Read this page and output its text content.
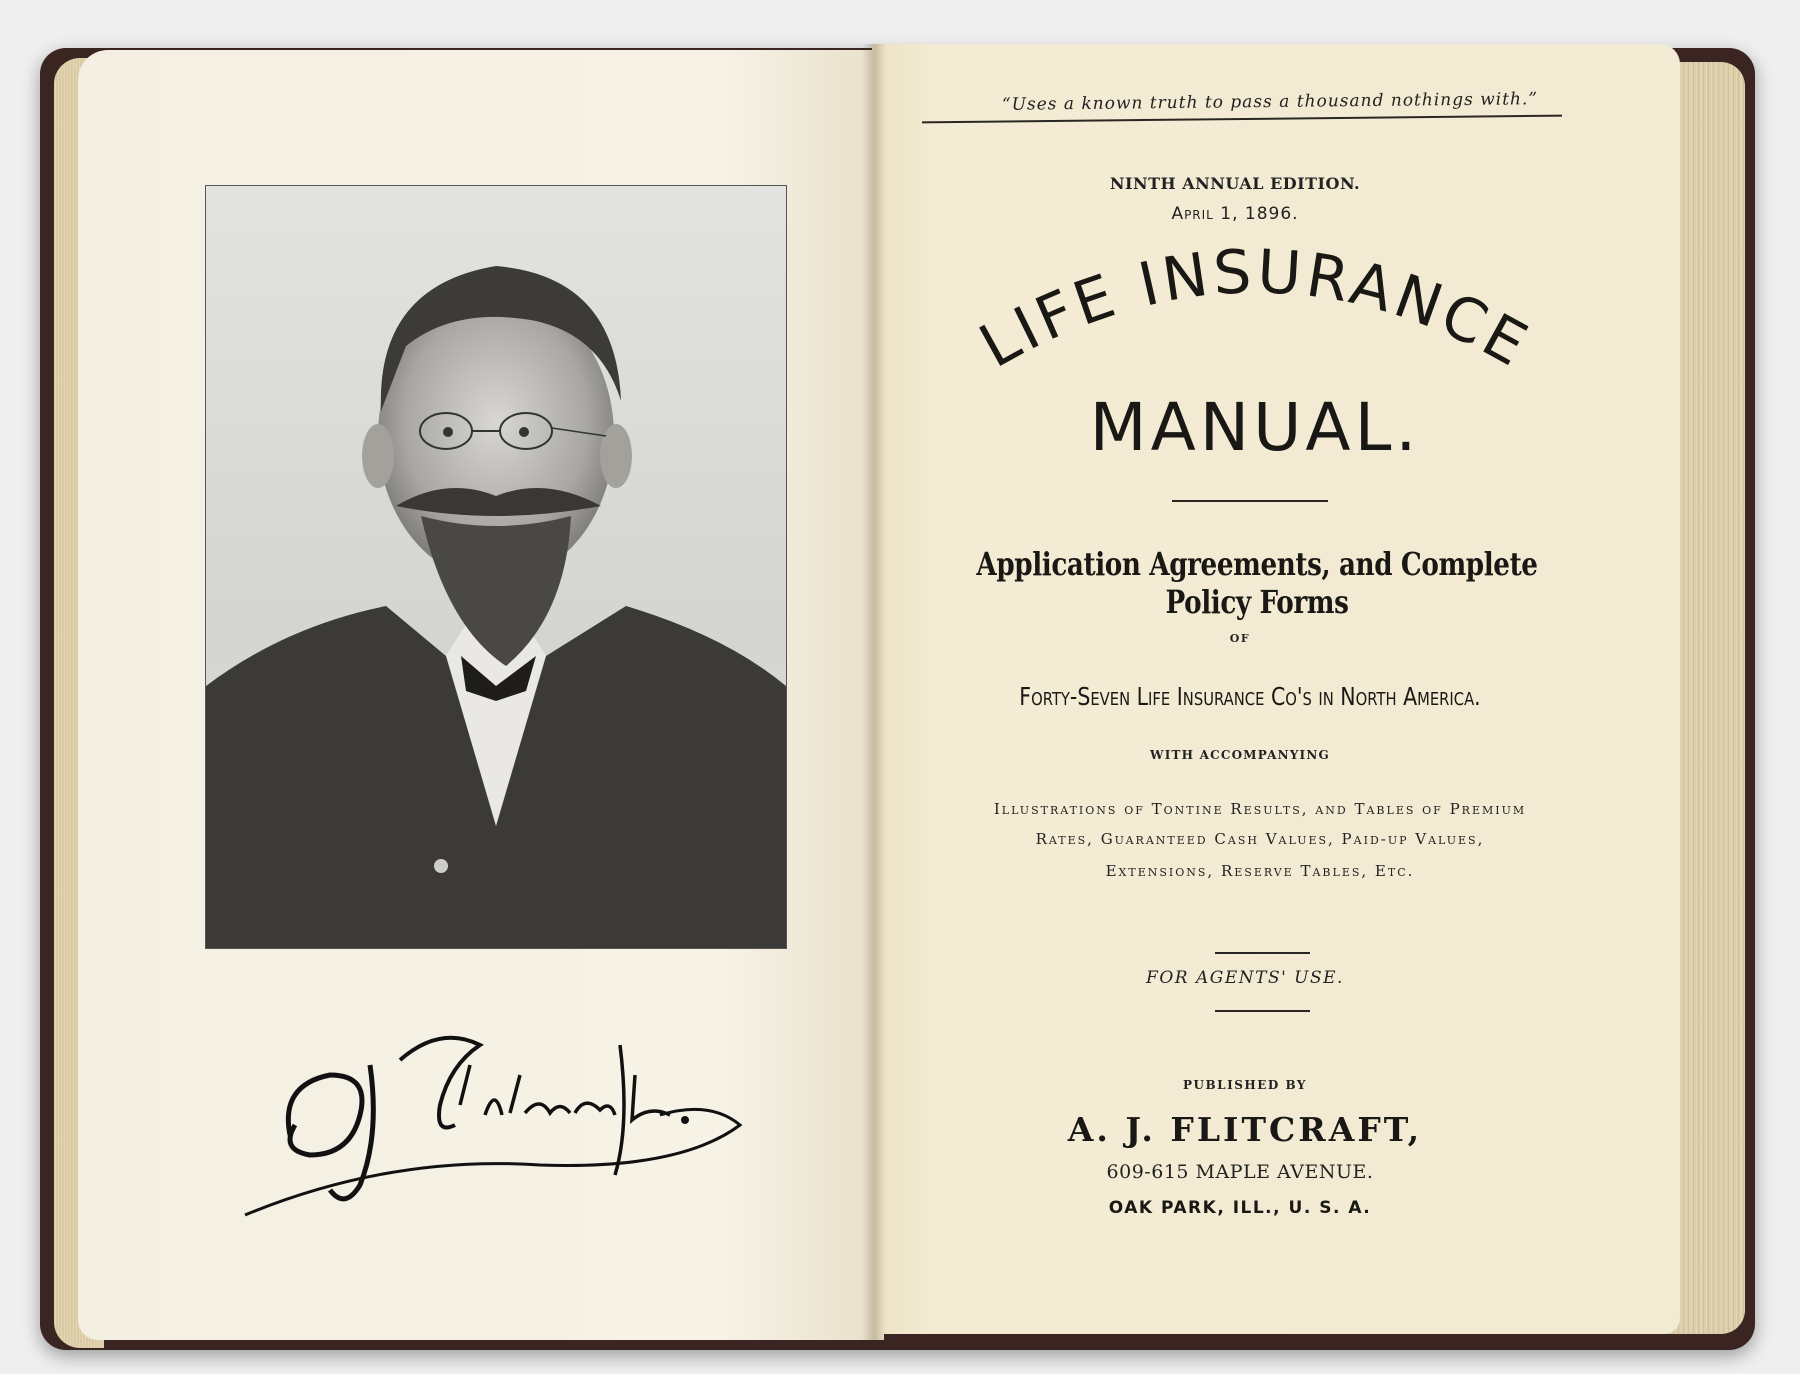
“Uses a known truth to pass a thousand nothings with.”
NINTH ANNUAL EDITION.
April 1, 1896.
LIFE INSURANCE
MANUAL.
Application Agreements, and Complete Policy Forms
OF
Forty-Seven Life Insurance Co's in North America.
WITH ACCOMPANYING
Illustrations of Tontine Results, and Tables of Premium
Rates, Guaranteed Cash Values, Paid-up Values,
Extensions, Reserve Tables, Etc.
FOR AGENTS' USE.
PUBLISHED BY
A. J. FLITCRAFT,
609-615 MAPLE AVENUE.
OAK PARK, ILL., U. S. A.
